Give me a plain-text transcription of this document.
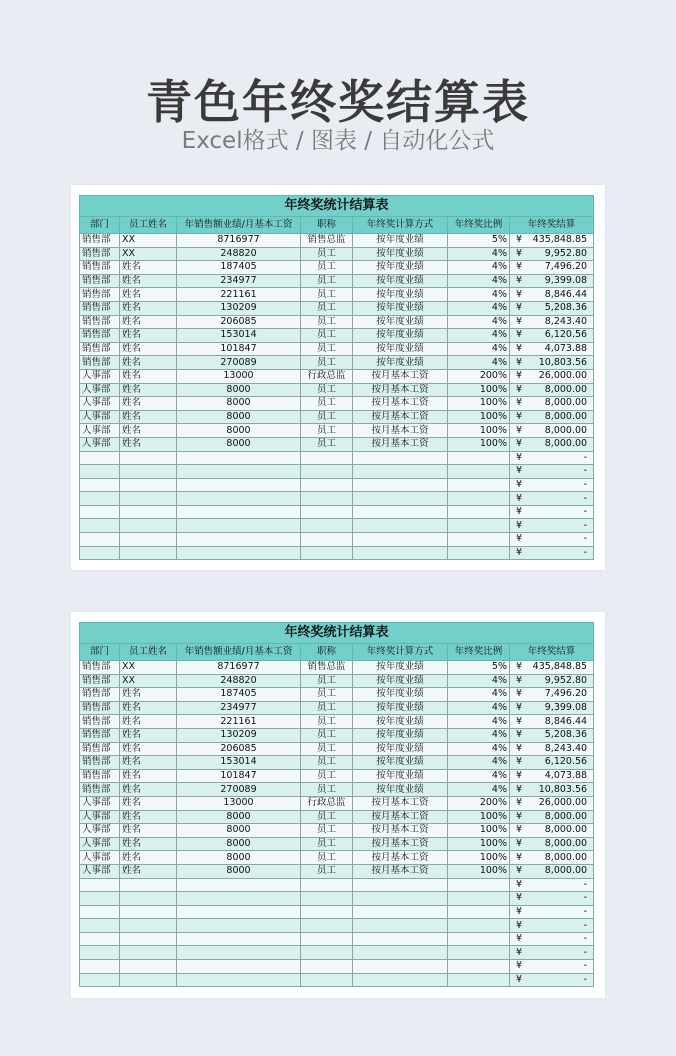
青色年终奖结算表
Excel格式 / 图表 / 自动化公式
年终奖统计结算表						
部门	员工姓名	年销售额业绩/月基本工资	职称	年终奖计算方式	年终奖比例	年终奖结算
销售部	XX	8716977	销售总监	按年度业绩	5%	¥ 435,848.85

销售部	XX	248820	员工	按年度业绩	4%	¥ 9,952.80

销售部	姓名	187405	员工	按年度业绩	4%	¥ 7,496.20

销售部	姓名	234977	员工	按年度业绩	4%	¥ 9,399.08

销售部	姓名	221161	员工	按年度业绩	4%	¥ 8,846.44

销售部	姓名	130209	员工	按年度业绩	4%	¥ 5,208.36

销售部	姓名	206085	员工	按年度业绩	4%	¥ 8,243.40

销售部	姓名	153014	员工	按年度业绩	4%	¥ 6,120.56

销售部	姓名	101847	员工	按年度业绩	4%	¥ 4,073.88

销售部	姓名	270089	员工	按年度业绩	4%	¥ 10,803.56

人事部	姓名	13000	行政总监	按月基本工资	200%	¥ 26,000.00

人事部	姓名	8000	员工	按月基本工资	100%	¥ 8,000.00

人事部	姓名	8000	员工	按月基本工资	100%	¥ 8,000.00

人事部	姓名	8000	员工	按月基本工资	100%	¥ 8,000.00

人事部	姓名	8000	员工	按月基本工资	100%	¥ 8,000.00

人事部	姓名	8000	员工	按月基本工资	100%	¥ 8,000.00

						¥ -

						¥ -

						¥ -

						¥ -

						¥ -

						¥ -

						¥ -

						¥ -
年终奖统计结算表						
部门	员工姓名	年销售额业绩/月基本工资	职称	年终奖计算方式	年终奖比例	年终奖结算
销售部	XX	8716977	销售总监	按年度业绩	5%	¥ 435,848.85

销售部	XX	248820	员工	按年度业绩	4%	¥ 9,952.80

销售部	姓名	187405	员工	按年度业绩	4%	¥ 7,496.20

销售部	姓名	234977	员工	按年度业绩	4%	¥ 9,399.08

销售部	姓名	221161	员工	按年度业绩	4%	¥ 8,846.44

销售部	姓名	130209	员工	按年度业绩	4%	¥ 5,208.36

销售部	姓名	206085	员工	按年度业绩	4%	¥ 8,243.40

销售部	姓名	153014	员工	按年度业绩	4%	¥ 6,120.56

销售部	姓名	101847	员工	按年度业绩	4%	¥ 4,073.88

销售部	姓名	270089	员工	按年度业绩	4%	¥ 10,803.56

人事部	姓名	13000	行政总监	按月基本工资	200%	¥ 26,000.00

人事部	姓名	8000	员工	按月基本工资	100%	¥ 8,000.00

人事部	姓名	8000	员工	按月基本工资	100%	¥ 8,000.00

人事部	姓名	8000	员工	按月基本工资	100%	¥ 8,000.00

人事部	姓名	8000	员工	按月基本工资	100%	¥ 8,000.00

人事部	姓名	8000	员工	按月基本工资	100%	¥ 8,000.00

						¥ -

						¥ -

						¥ -

						¥ -

						¥ -

						¥ -

						¥ -

						¥ -
